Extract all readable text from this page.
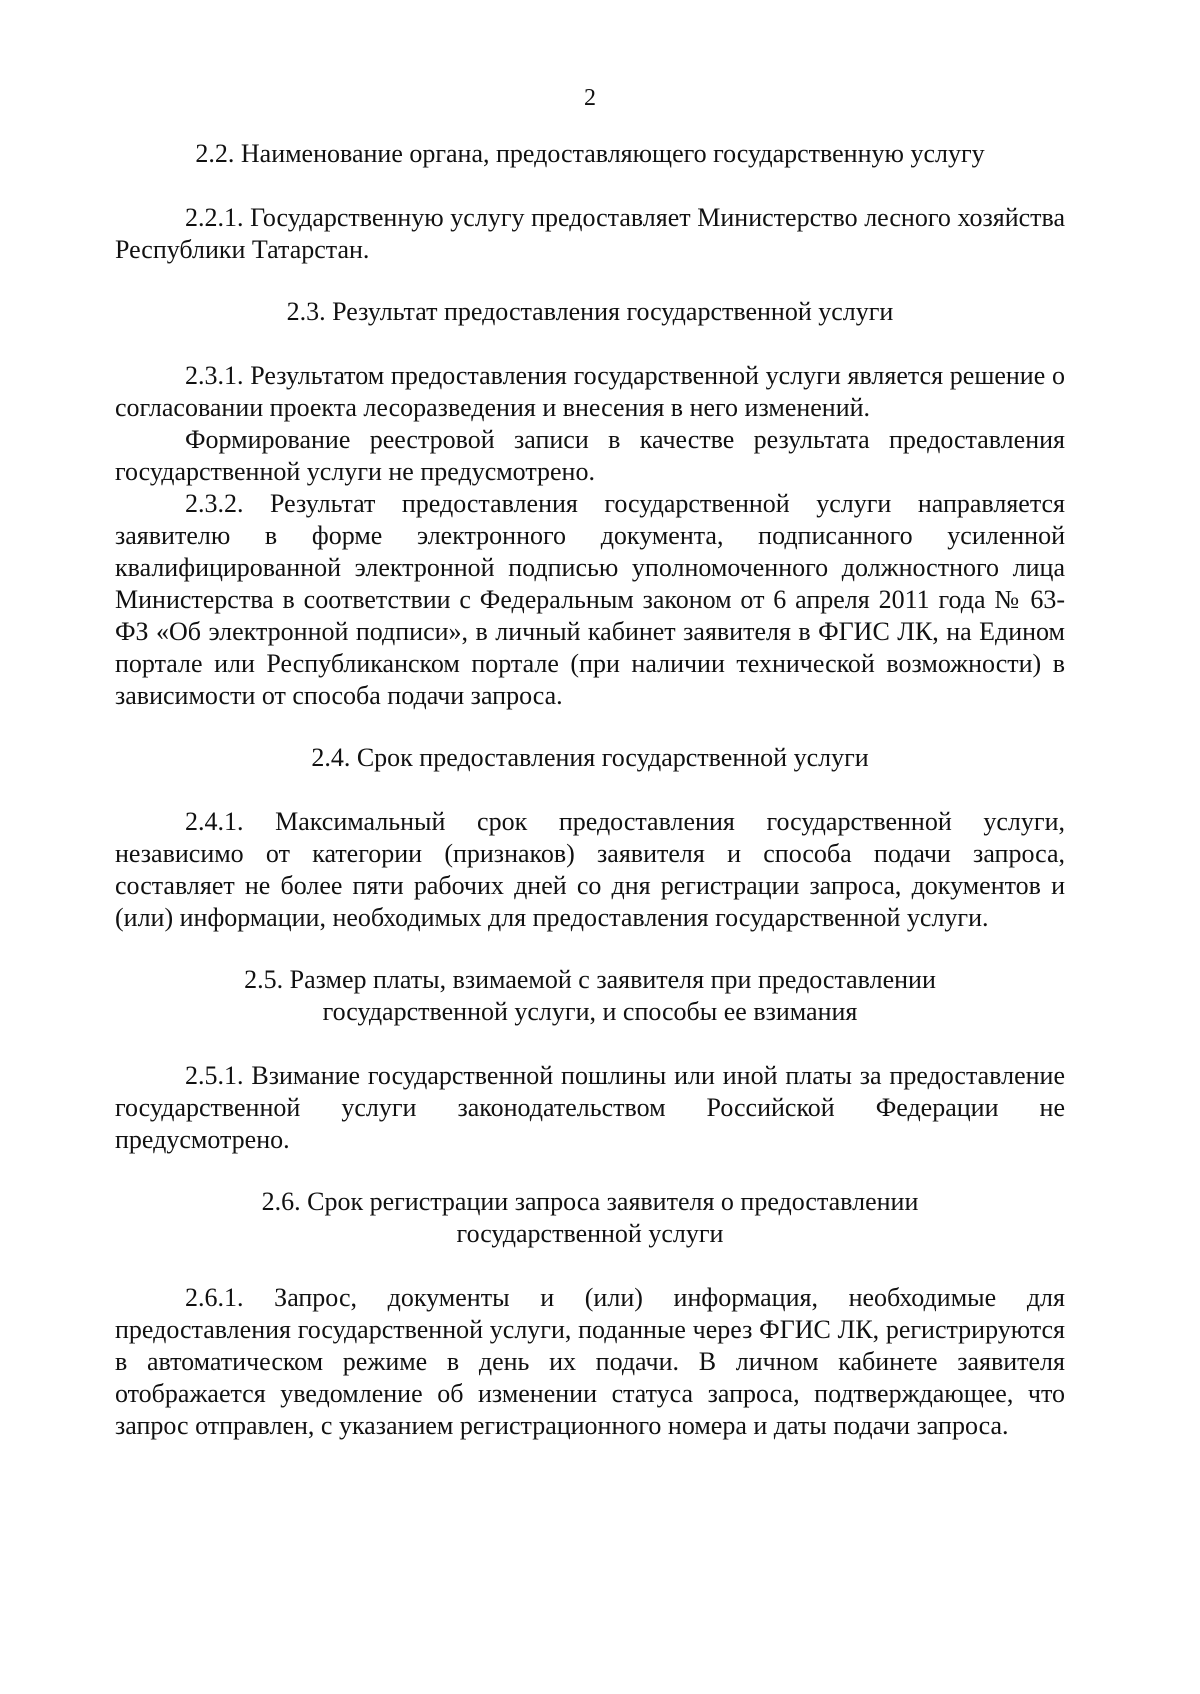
2
2.2. Наименование органа, предоставляющего государственную услугу
2.2.1. Государственную услугу предоставляет Министерство лесного хозяйства Республики Татарстан.
2.3. Результат предоставления государственной услуги
2.3.1. Результатом предоставления государственной услуги является решение о согласовании проекта лесоразведения и внесения в него изменений.
Формирование реестровой записи в качестве результата предоставления государственной услуги не предусмотрено.
2.3.2. Результат предоставления государственной услуги направляется заявителю в форме электронного документа, подписанного усиленной квалифицированной электронной подписью уполномоченного должностного лица Министерства в соответствии с Федеральным законом от 6 апреля 2011 года № 63-ФЗ «Об электронной подписи», в личный кабинет заявителя в ФГИС ЛК, на Едином портале или Республиканском портале (при наличии технической возможности) в зависимости от способа подачи запроса.
2.4. Срок предоставления государственной услуги
2.4.1. Максимальный срок предоставления государственной услуги, независимо от категории (признаков) заявителя и способа подачи запроса, составляет не более пяти рабочих дней со дня регистрации запроса, документов и (или) информации, необходимых для предоставления государственной услуги.
2.5. Размер платы, взимаемой с заявителя при предоставлении
государственной услуги, и способы ее взимания
2.5.1. Взимание государственной пошлины или иной платы за предоставление государственной услуги законодательством Российской Федерации не предусмотрено.
2.6. Срок регистрации запроса заявителя о предоставлении
государственной услуги
2.6.1. Запрос, документы и (или) информация, необходимые для предоставления государственной услуги, поданные через ФГИС ЛК, регистрируются в автоматическом режиме в день их подачи. В личном кабинете заявителя отображается уведомление об изменении статуса запроса, подтверждающее, что запрос отправлен, с указанием регистрационного номера и даты подачи запроса.
